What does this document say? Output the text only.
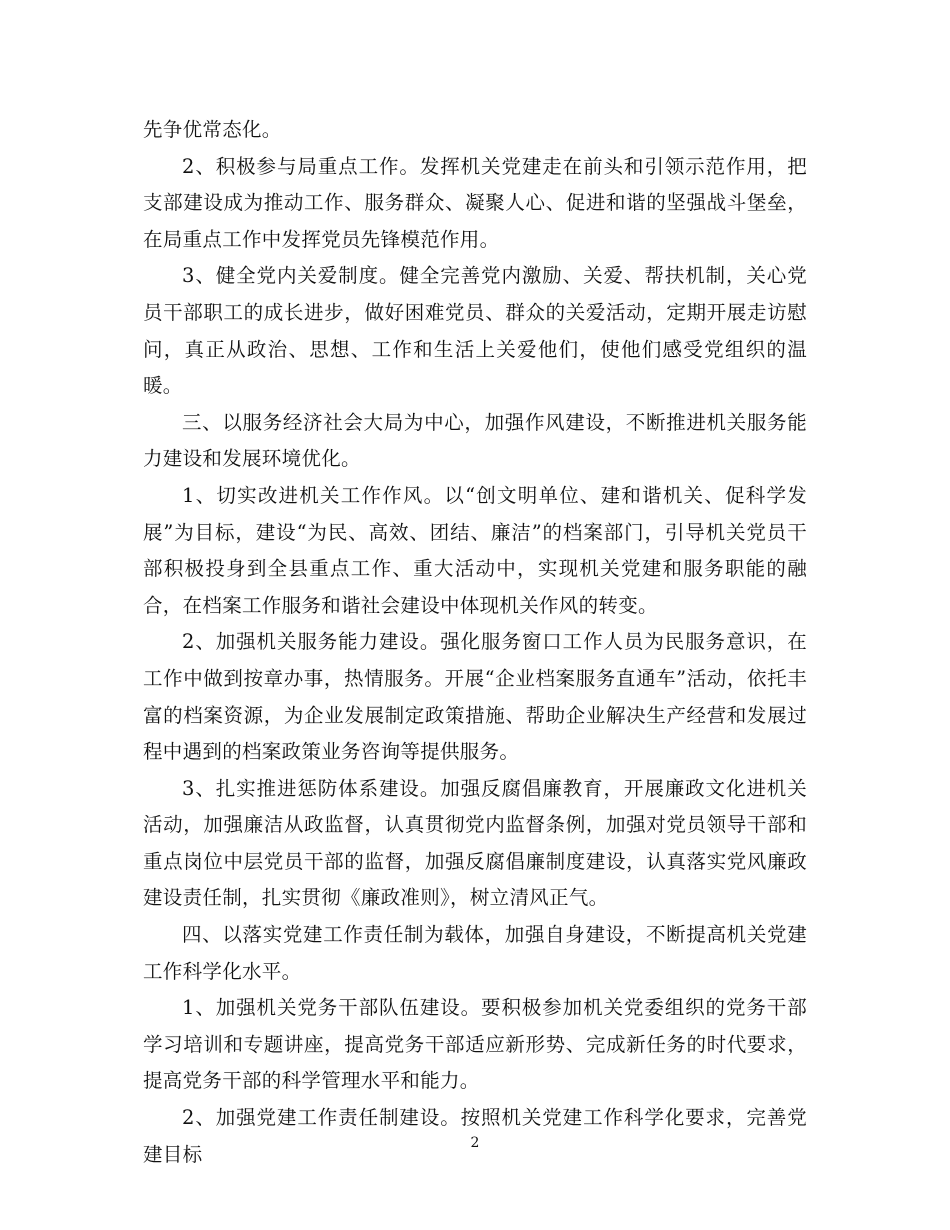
先争优常态化。

2、积极参与局重点工作。发挥机关党建走在前头和引领示范作用，把支部建设成为推动工作、服务群众、凝聚人心、促进和谐的坚强战斗堡垒，在局重点工作中发挥党员先锋模范作用。

3、健全党内关爱制度。健全完善党内激励、关爱、帮扶机制，关心党员干部职工的成长进步，做好困难党员、群众的关爱活动，定期开展走访慰问，真正从政治、思想、工作和生活上关爱他们，使他们感受党组织的温暖。

三、以服务经济社会大局为中心，加强作风建设，不断推进机关服务能力建设和发展环境优化。

1、切实改进机关工作作风。以“创文明单位、建和谐机关、促科学发展”为目标，建设“为民、高效、团结、廉洁”的档案部门，引导机关党员干部积极投身到全县重点工作、重大活动中，实现机关党建和服务职能的融合，在档案工作服务和谐社会建设中体现机关作风的转变。

2、加强机关服务能力建设。强化服务窗口工作人员为民服务意识，在工作中做到按章办事，热情服务。开展“企业档案服务直通车”活动，依托丰富的档案资源，为企业发展制定政策措施、帮助企业解决生产经营和发展过程中遇到的档案政策业务咨询等提供服务。

3、扎实推进惩防体系建设。加强反腐倡廉教育，开展廉政文化进机关活动，加强廉洁从政监督，认真贯彻党内监督条例，加强对党员领导干部和重点岗位中层党员干部的监督，加强反腐倡廉制度建设，认真落实党风廉政建设责任制，扎实贯彻《廉政准则》，树立清风正气。

四、以落实党建工作责任制为载体，加强自身建设，不断提高机关党建工作科学化水平。

1、加强机关党务干部队伍建设。要积极参加机关党委组织的党务干部学习培训和专题讲座，提高党务干部适应新形势、完成新任务的时代要求，提高党务干部的科学管理水平和能力。

2、加强党建工作责任制建设。按照机关党建工作科学化要求，完善党建目标	2
